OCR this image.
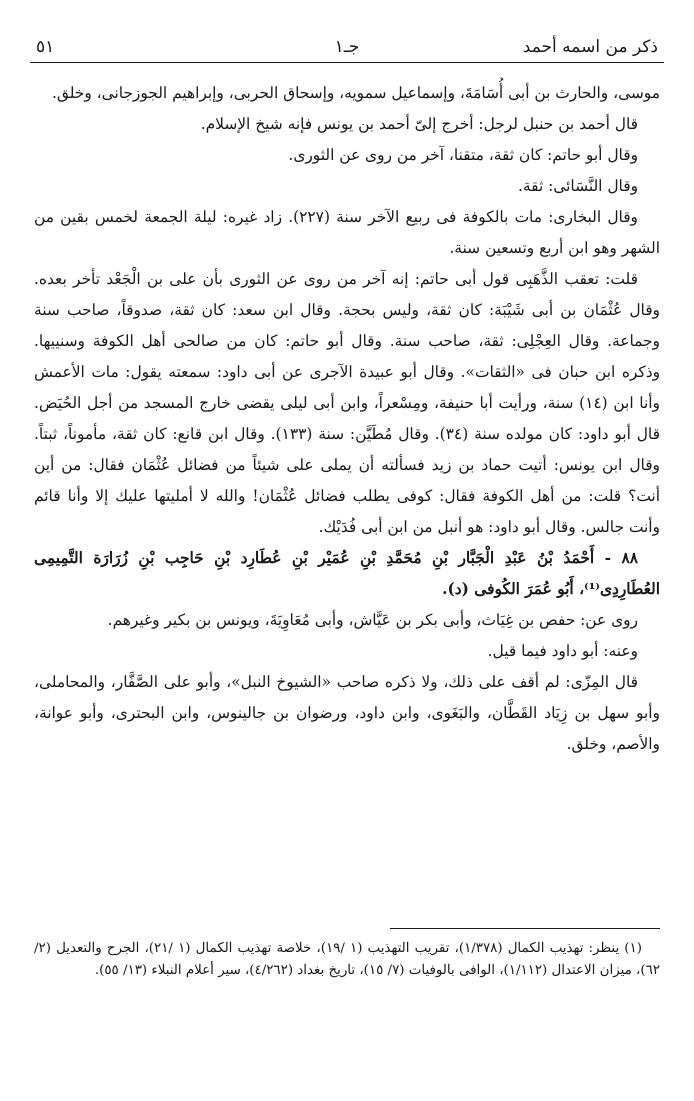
ذكر من اسمه أحمد
جـ١
٥١

موسى، والحارث بن أبى أُسَامَةَ، وإسماعيل سمويه، وإسحاق الحربى، وإبراهيم الجوزجانى، وخلق.

قال أحمد بن حنبل لرجل: أخرج إلىّ أحمد بن يونس فإنه شيخ الإسلام.

وقال أبو حاتم: كان ثقة، متقنا، آخر من روى عن الثورى.

وقال النَّسَائى: ثقة.

وقال البخارى: مات بالكوفة فى ربيع الآخر سنة (٢٢٧). زاد غيره: ليلة الجمعة لخمس بقين من الشهر وهو ابن أربع وتسعين سنة.

قلت: تعقب الذَّهَبِى قول أبى حاتم: إنه آخر من روى عن الثورى بأن على بن الْجَعْد تأخر بعده. وقال عُثْمَان بن أبى شَيْبَة: كان ثقة، وليس بحجة. وقال ابن سعد: كان ثقة، صدوقاً، صاحب سنة وجماعة. وقال العِجْلِى: ثقة، صاحب سنة. وقال أبو حاتم: كان من صالحى أهل الكوفة وسنييها. وذكره ابن حبان فى «الثقات». وقال أبو عبيدة الآجرى عن أبى داود: سمعته يقول: مات الأعمش وأنا ابن (١٤) سنة، ورأيت أبا حنيفة، ومِسْعراً، وابن أبى ليلى يقضى خارج المسجد من أجل الحُيَض. قال أبو داود: كان مولده سنة (٣٤). وقال مُطَيَّن: سنة (١٣٣). وقال ابن قانع: كان ثقة، مأموناً، ثبتاً. وقال ابن يونس: أتيت حماد بن زيد فسألته أن يملى على شيئاً من فضائل عُثْمَان فقال: من أين أنت؟ قلت: من أهل الكوفة فقال: كوفى يطلب فضائل عُثْمَان! والله لا أمليتها عليك إلا وأنا قائم وأنت جالس. وقال أبو داود: هو أنبل من ابن أبى فُدَيْك.

٨٨ - أَحْمَدُ بْنُ عَبْدِ الْجَبَّار بْنِ مُحَمَّدِ بْنِ عُمَيْر بْنِ عُطَارِد بْنِ حَاجِب بْنِ زُرَارَة التَّمِيمِى العُطَارِدِى⁽¹⁾، أَبُو عُمَرَ الكُوفى (د).

روى عن: حفص بن غِيَاث، وأبى بكر بن عَيَّاش، وأبى مُعَاوِيَةَ، ويونس بن بكير وغيرهم.

وعنه: أبو داود فيما قيل.

قال المِزّى: لم أقف على ذلك، ولا ذكره صاحب «الشيوخ النبل»، وأبو على الصَّفَّار، والمحاملى، وأبو سهل بن زِيَاد القَطَّان، والبَغَوى، وابن داود، ورضوان بن جالينوس، وابن البحترى، وأبو عوانة، والأصم، وخلق.

(١) ينظر: تهذيب الكمال (١/٣٧٨)، تقريب التهذيب (١ /١٩)، خلاصة تهذيب الكمال (١ /٢١)، الجرح والتعديل (٢/ ٦٢)، ميزان الاعتدال (١/١١٢)، الوافى بالوفيات (٧/ ١٥)، تاريخ بغداد (٤/٢٦٢)، سير أعلام النبلاء (١٣/ ٥٥).
